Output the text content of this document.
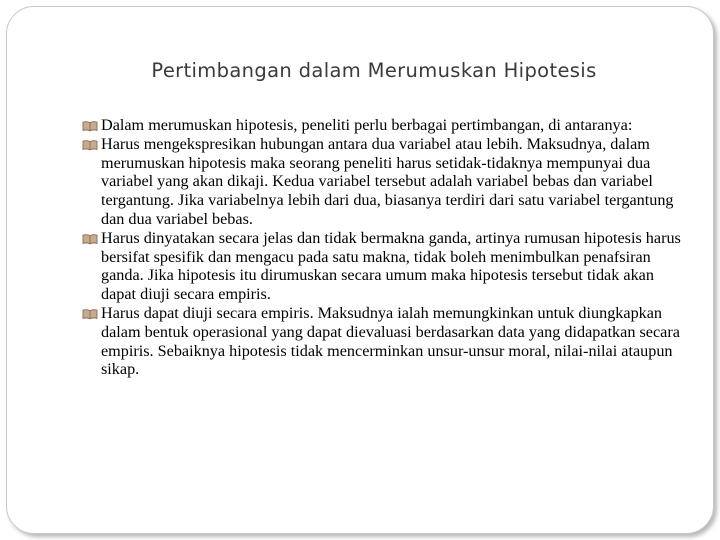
Pertimbangan dalam Merumuskan Hipotesis
Dalam merumuskan hipotesis, peneliti perlu berbagai pertimbangan, di antaranya:
Harus mengekspresikan hubungan antara dua variabel atau lebih. Maksudnya, dalam merumuskan hipotesis maka seorang peneliti harus setidak-tidaknya mempunyai dua variabel yang akan dikaji. Kedua variabel tersebut adalah variabel bebas dan variabel tergantung. Jika variabelnya lebih dari dua, biasanya terdiri dari satu variabel tergantung dan dua variabel bebas.
Harus dinyatakan secara jelas dan tidak bermakna ganda, artinya rumusan hipotesis harus bersifat spesifik dan mengacu pada satu makna, tidak boleh menimbulkan penafsiran ganda. Jika hipotesis itu dirumuskan secara umum maka hipotesis tersebut tidak akan dapat diuji secara empiris.
Harus dapat diuji secara empiris. Maksudnya ialah memungkinkan untuk diungkapkan dalam bentuk operasional yang dapat dievaluasi berdasarkan data yang didapatkan secara empiris. Sebaiknya hipotesis tidak mencerminkan unsur-unsur moral, nilai-nilai ataupun sikap.
